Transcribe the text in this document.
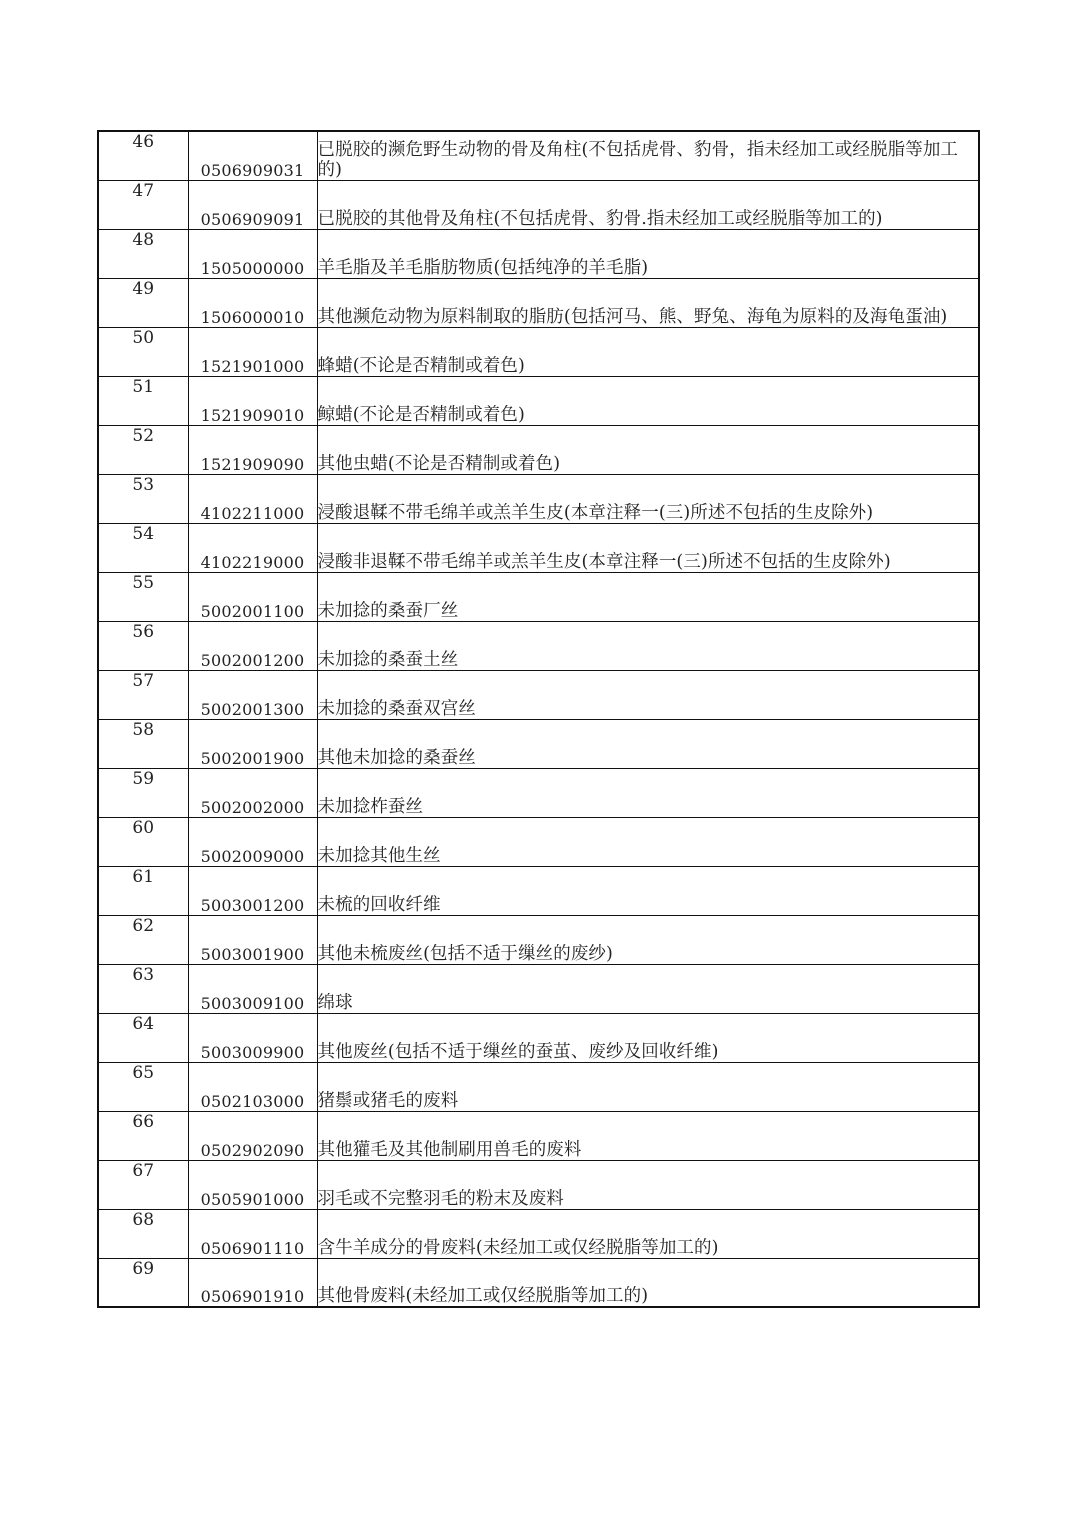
46	0506909031	已脱胶的濒危野生动物的骨及角柱(不包括虎骨、豹骨，指未经加工或经脱脂等加工的)
47	0506909091	已脱胶的其他骨及角柱(不包括虎骨、豹骨.指未经加工或经脱脂等加工的)
48	1505000000	羊毛脂及羊毛脂肪物质(包括纯净的羊毛脂)
49	1506000010	其他濒危动物为原料制取的脂肪(包括河马、熊、野兔、海龟为原料的及海龟蛋油)
50	1521901000	蜂蜡(不论是否精制或着色)
51	1521909010	鲸蜡(不论是否精制或着色)
52	1521909090	其他虫蜡(不论是否精制或着色)
53	4102211000	浸酸退鞣不带毛绵羊或羔羊生皮(本章注释一(三)所述不包括的生皮除外)
54	4102219000	浸酸非退鞣不带毛绵羊或羔羊生皮(本章注释一(三)所述不包括的生皮除外)
55	5002001100	未加捻的桑蚕厂丝
56	5002001200	未加捻的桑蚕土丝
57	5002001300	未加捻的桑蚕双宫丝
58	5002001900	其他未加捻的桑蚕丝
59	5002002000	未加捻柞蚕丝
60	5002009000	未加捻其他生丝
61	5003001200	未梳的回收纤维
62	5003001900	其他未梳废丝(包括不适于缫丝的废纱)
63	5003009100	绵球
64	5003009900	其他废丝(包括不适于缫丝的蚕茧、废纱及回收纤维)
65	0502103000	猪鬃或猪毛的废料
66	0502902090	其他獾毛及其他制刷用兽毛的废料
67	0505901000	羽毛或不完整羽毛的粉末及废料
68	0506901110	含牛羊成分的骨废料(未经加工或仅经脱脂等加工的)
69	0506901910	其他骨废料(未经加工或仅经脱脂等加工的)
